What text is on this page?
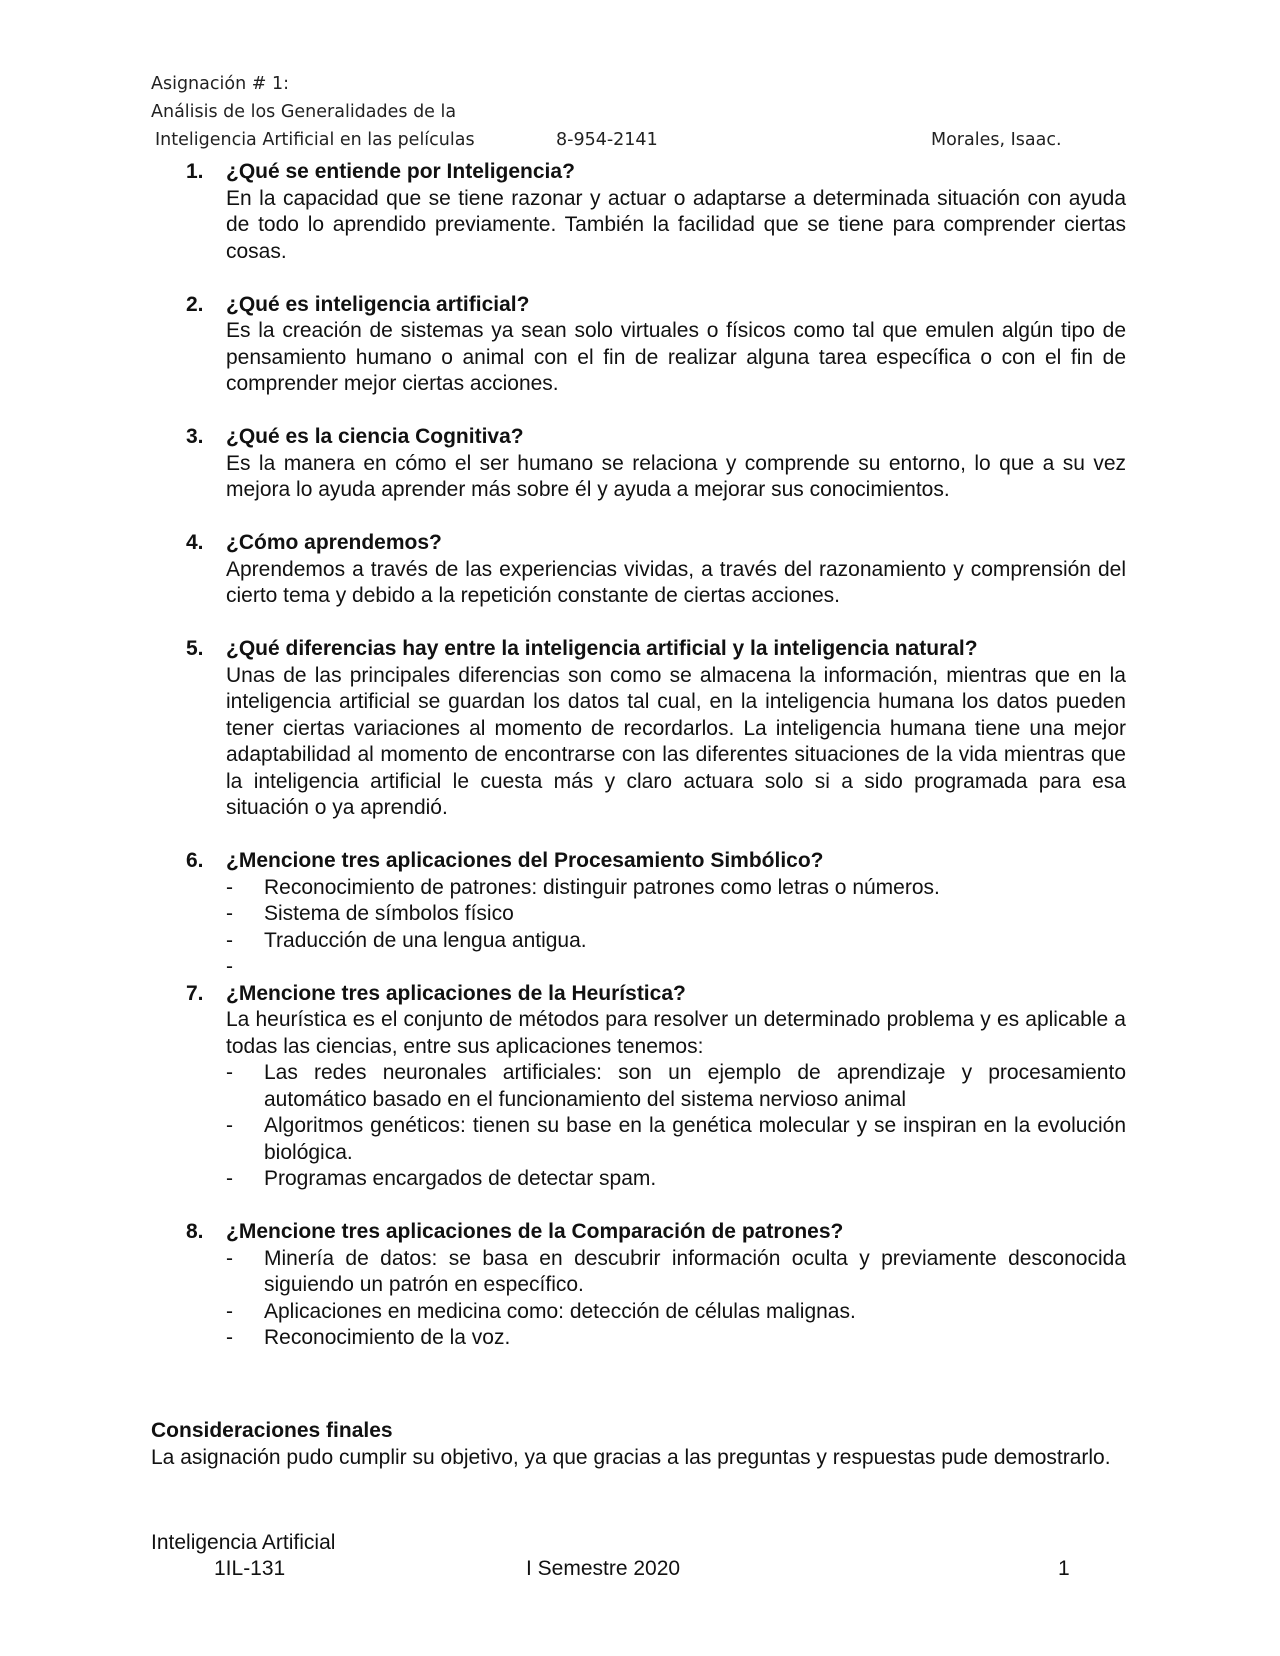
Asignación # 1:
Análisis de los Generalidades de la
Inteligencia Artificial en las películas	8-954-2141	Morales, Isaac.
1.	¿Qué se entiende por Inteligencia?
En la capacidad que se tiene razonar y actuar o adaptarse a determinada situación con ayuda de todo lo aprendido previamente. También la facilidad que se tiene para comprender ciertas cosas.
2.	¿Qué es inteligencia artificial?
Es la creación de sistemas ya sean solo virtuales o físicos como tal que emulen algún tipo de pensamiento humano o animal con el fin de realizar alguna tarea específica o con el fin de comprender mejor ciertas acciones.
3.	¿Qué es la ciencia Cognitiva?
Es la manera en cómo el ser humano se relaciona y comprende su entorno, lo que a su vez mejora lo ayuda aprender más sobre él y ayuda a mejorar sus conocimientos.
4.	¿Cómo aprendemos?
Aprendemos a través de las experiencias vividas, a través del razonamiento y comprensión del cierto tema y debido a la repetición constante de ciertas acciones.
5.	¿Qué diferencias hay entre la inteligencia artificial y la inteligencia natural?
Unas de las principales diferencias son como se almacena la información, mientras que en la inteligencia artificial se guardan los datos tal cual, en la inteligencia humana los datos pueden tener ciertas variaciones al momento de recordarlos. La inteligencia humana tiene una mejor adaptabilidad al momento de encontrarse con las diferentes situaciones de la vida mientras que la inteligencia artificial le cuesta más y claro actuara solo si a sido programada para esa situación o ya aprendió.
6.	¿Mencione tres aplicaciones del Procesamiento Simbólico?
-	Reconocimiento de patrones: distinguir patrones como letras o números.
-	Sistema de símbolos físico
-	Traducción de una lengua antigua.
-
7.	¿Mencione tres aplicaciones de la Heurística?
La heurística es el conjunto de métodos para resolver un determinado problema y es aplicable a todas las ciencias, entre sus aplicaciones tenemos:
-	Las redes neuronales artificiales: son un ejemplo de aprendizaje y procesamiento automático basado en el funcionamiento del sistema nervioso animal
-	Algoritmos genéticos: tienen su base en la genética molecular y se inspiran en la evolución biológica.
-	Programas encargados de detectar spam.
8.	¿Mencione tres aplicaciones de la Comparación de patrones?
-	Minería de datos: se basa en descubrir información oculta y previamente desconocida siguiendo un patrón en específico.
-	Aplicaciones en medicina como: detección de células malignas.
-	Reconocimiento de la voz.
Consideraciones finales
La asignación pudo cumplir su objetivo, ya que gracias a las preguntas y respuestas pude demostrarlo.
Inteligencia Artificial
1IL-131	I Semestre 2020	1
